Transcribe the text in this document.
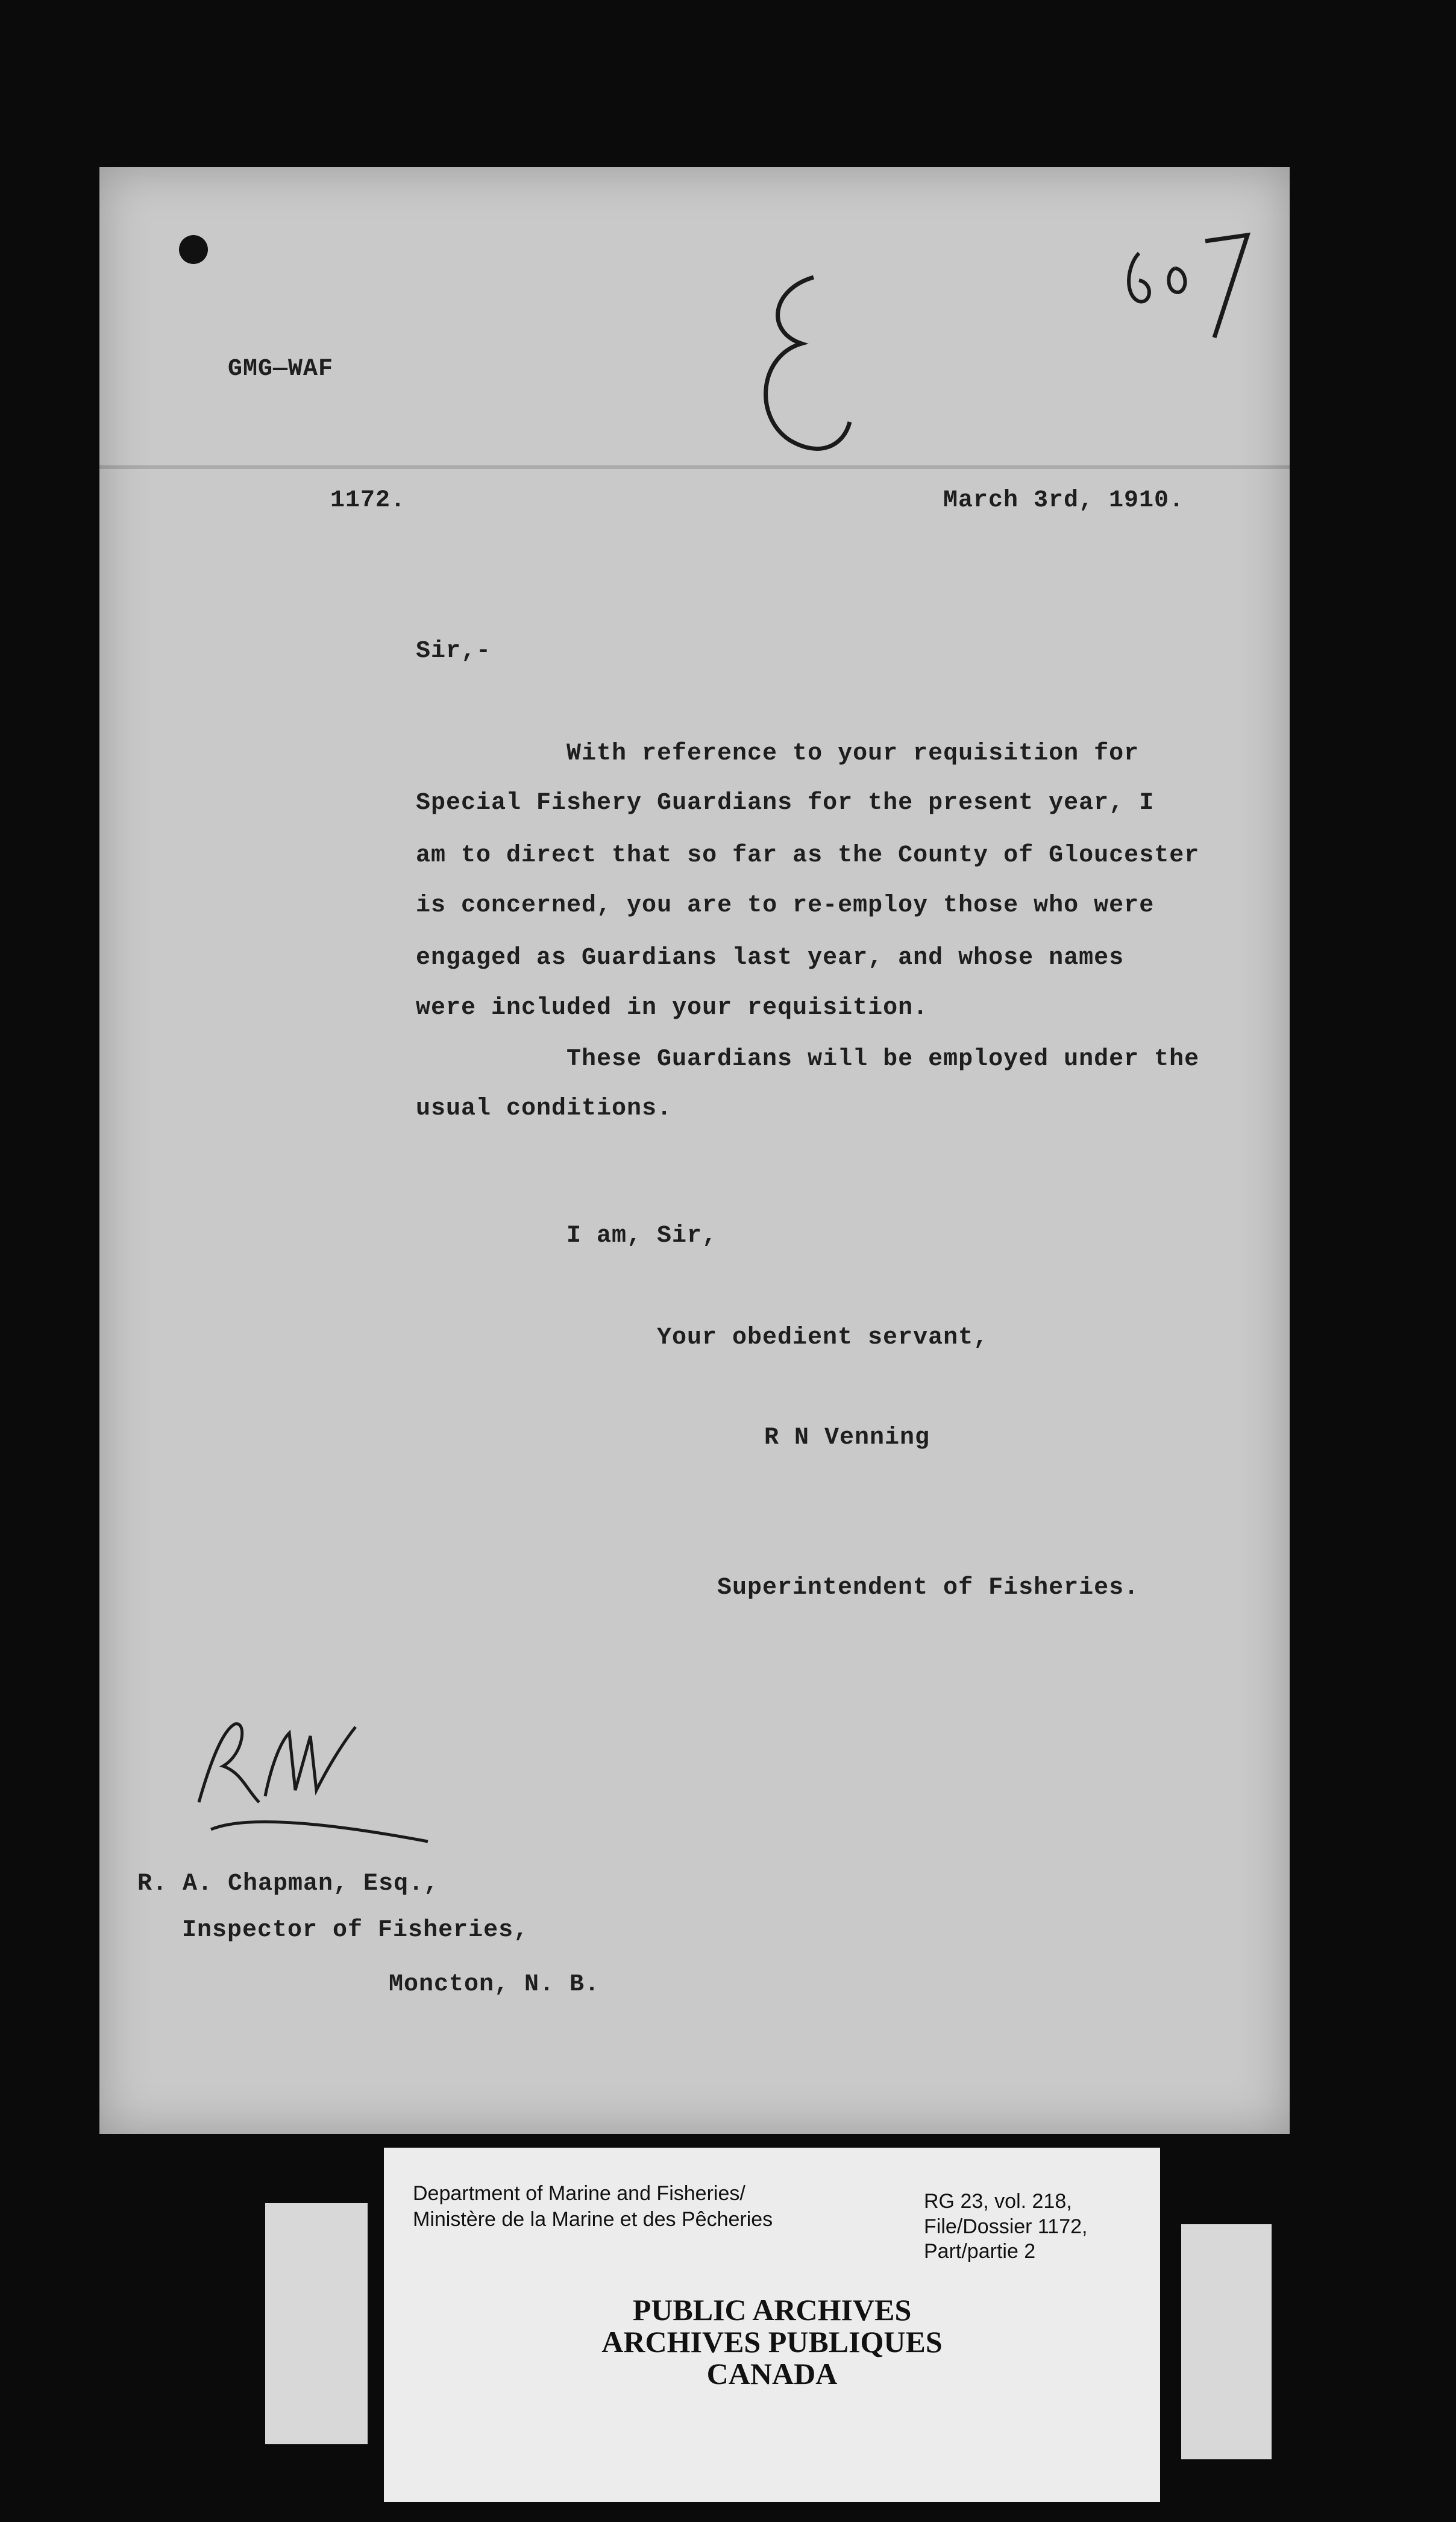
GMG—WAF
1172.	March 3rd, 1910.
Sir,-
With reference to your requisition for
Special Fishery Guardians for the present year, I
am to direct that so far as the County of Gloucester
is concerned, you are to re-employ those who were
engaged as Guardians last year, and whose names
were included in your requisition.
These Guardians will be employed under the
usual conditions.
I am, Sir,
Your obedient servant,
R N Venning
Superintendent of Fisheries.
R. A. Chapman, Esq.,
Inspector of Fisheries,
Moncton, N. B.
Department of Marine and Fisheries/
Ministère de la Marine et des Pêcheries
RG 23, vol. 218,
File/Dossier 1172,
Part/partie 2
PUBLIC ARCHIVES
ARCHIVES PUBLIQUES
CANADA
